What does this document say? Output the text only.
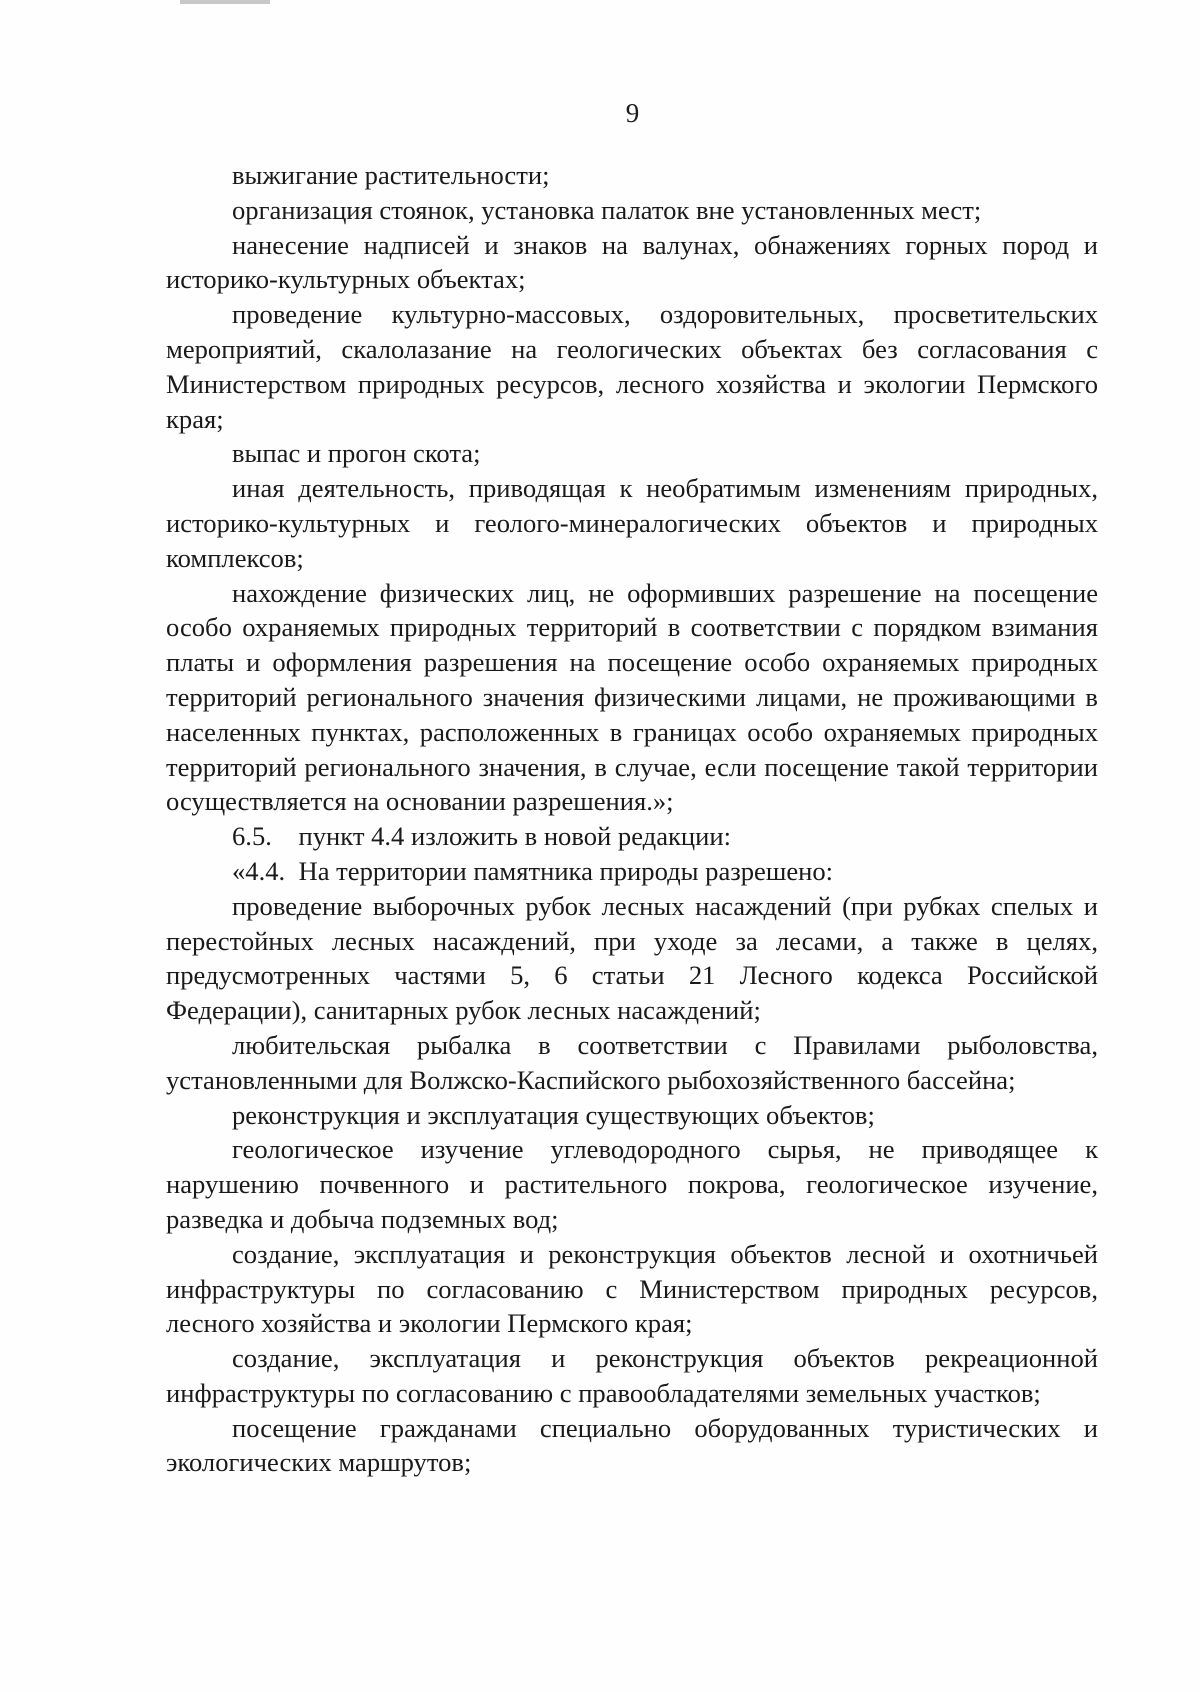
9

выжигание растительности;

организация стоянок, установка палаток вне установленных мест;

нанесение надписей и знаков на валунах, обнажениях горных пород и историко-культурных объектах;

проведение культурно-массовых, оздоровительных, просветительских мероприятий, скалолазание на геологических объектах без согласования с Министерством природных ресурсов, лесного хозяйства и экологии Пермского края;

выпас и прогон скота;

иная деятельность, приводящая к необратимым изменениям природных, историко-культурных и геолого-минералогических объектов и природных комплексов;

нахождение физических лиц, не оформивших разрешение на посещение особо охраняемых природных территорий в соответствии с порядком взимания платы и оформления разрешения на посещение особо охраняемых природных территорий регионального значения физическими лицами, не проживающими в населенных пунктах, расположенных в границах особо охраняемых природных территорий регионального значения, в случае, если посещение такой территории осуществляется на основании разрешения.»;

6.5.    пункт 4.4 изложить в новой редакции:

«4.4.  На территории памятника природы разрешено:

проведение выборочных рубок лесных насаждений (при рубках спелых и перестойных лесных насаждений, при уходе за лесами, а также в целях, предусмотренных частями 5, 6 статьи 21 Лесного кодекса Российской Федерации), санитарных рубок лесных насаждений;

любительская рыбалка в соответствии с Правилами рыболовства, установленными для Волжско-Каспийского рыбохозяйственного бассейна;

реконструкция и эксплуатация существующих объектов;

геологическое изучение углеводородного сырья, не приводящее к нарушению почвенного и растительного покрова, геологическое изучение, разведка и добыча подземных вод;

создание, эксплуатация и реконструкция объектов лесной и охотничьей инфраструктуры по согласованию с Министерством природных ресурсов, лесного хозяйства и экологии Пермского края;

создание, эксплуатация и реконструкция объектов рекреационной инфраструктуры по согласованию с правообладателями земельных участков;

посещение гражданами специально оборудованных туристических и экологических маршрутов;
